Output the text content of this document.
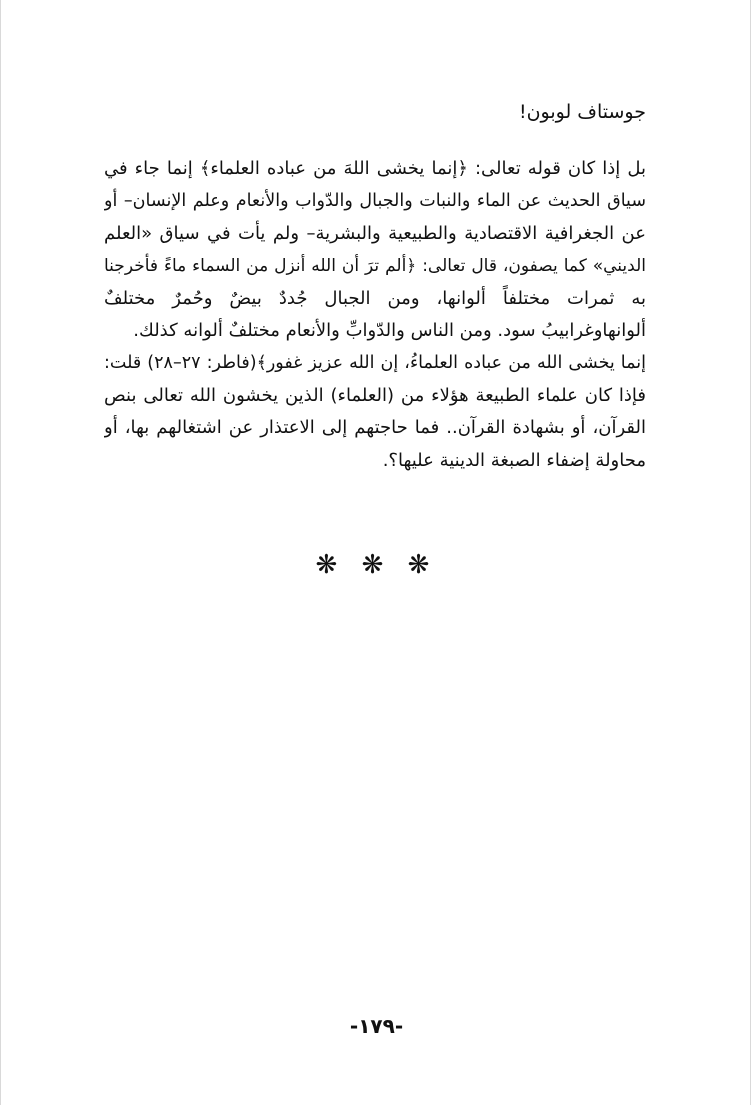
جوستاف لوبون!
بل إذا كان قوله تعالى: ﴿إنما يخشى اللهَ من عباده العلماء﴾ إنما جاء في
سياق الحديث عن الماء والنبات والجبال والدّواب والأنعام وعلم الإنسان– أو
عن الجغرافية الاقتصادية والطبيعية والبشرية– ولم يأت في سياق «العلم
الديني» كما يصفون، قال تعالى: ﴿ألم ترَ أن الله أنزل من السماء ماءً فأخرجنا
به ثمرات مختلفاً ألوانها، ومن الجبال جُددٌ بيضٌ وحُمرٌ مختلفٌ
ألوانهاوغرابيبُ سود. ومن الناس والدّوابِّ والأنعام مختلفٌ ألوانه كذلك.
إنما يخشى الله من عباده العلماءُ، إن الله عزيز غفور﴾(فاطر: ٢٧–٢٨) قلت:
فإذا كان علماء الطبيعة هؤلاء من (العلماء) الذين يخشون الله تعالى بنص
القرآن، أو بشهادة القرآن.. فما حاجتهم إلى الاعتذار عن اشتغالهم بها، أو
محاولة إضفاء الصبغة الدينية عليها؟.
❋ ❋ ❋
-١٧٩-
